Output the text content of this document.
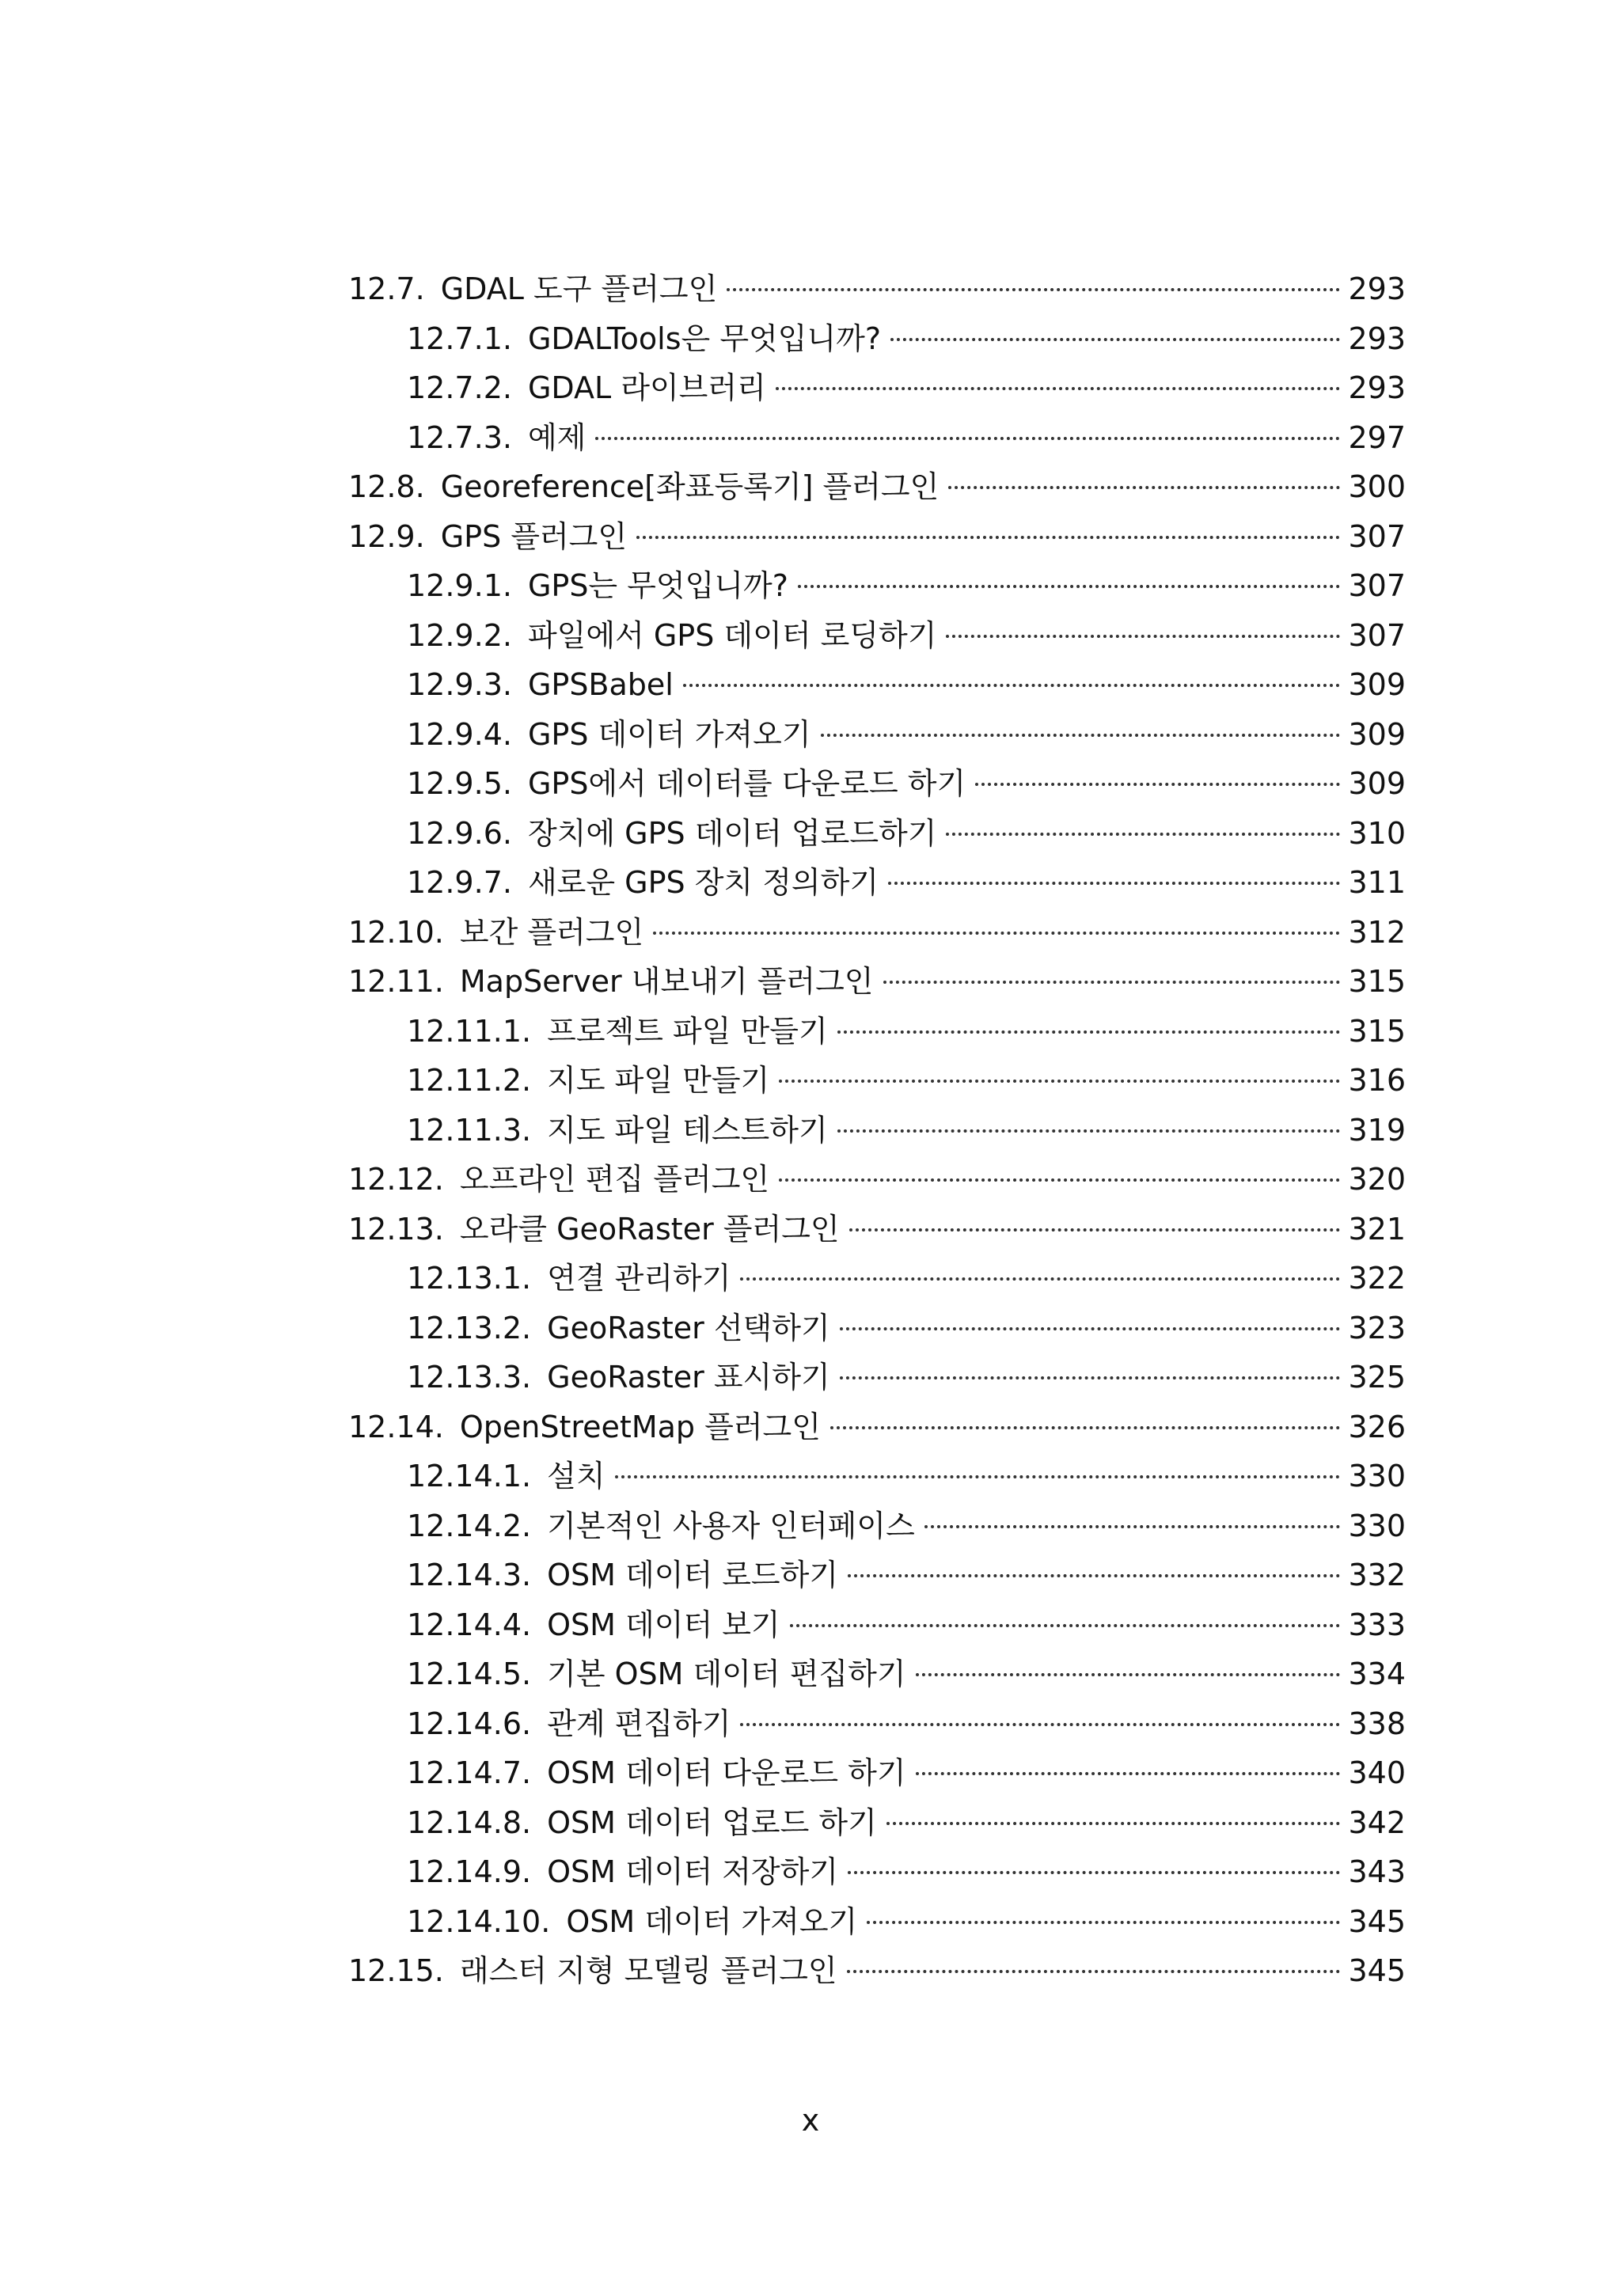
12.7. GDAL 도구 플러그인	293
12.7.1. GDALTools은 무엇입니까?	293
12.7.2. GDAL 라이브러리	293
12.7.3. 예제	297
12.8. Georeference[좌표등록기] 플러그인	300
12.9. GPS 플러그인	307
12.9.1. GPS는 무엇입니까?	307
12.9.2. 파일에서 GPS 데이터 로딩하기	307
12.9.3. GPSBabel	309
12.9.4. GPS 데이터 가져오기	309
12.9.5. GPS에서 데이터를 다운로드 하기	309
12.9.6. 장치에 GPS 데이터 업로드하기	310
12.9.7. 새로운 GPS 장치 정의하기	311
12.10. 보간 플러그인	312
12.11. MapServer 내보내기 플러그인	315
12.11.1. 프로젝트 파일 만들기	315
12.11.2. 지도 파일 만들기	316
12.11.3. 지도 파일 테스트하기	319
12.12. 오프라인 편집 플러그인	320
12.13. 오라클 GeoRaster 플러그인	321
12.13.1. 연결 관리하기	322
12.13.2. GeoRaster 선택하기	323
12.13.3. GeoRaster 표시하기	325
12.14. OpenStreetMap 플러그인	326
12.14.1. 설치	330
12.14.2. 기본적인 사용자 인터페이스	330
12.14.3. OSM 데이터 로드하기	332
12.14.4. OSM 데이터 보기	333
12.14.5. 기본 OSM 데이터 편집하기	334
12.14.6. 관계 편집하기	338
12.14.7. OSM 데이터 다운로드 하기	340
12.14.8. OSM 데이터 업로드 하기	342
12.14.9. OSM 데이터 저장하기	343
12.14.10. OSM 데이터 가져오기	345
12.15. 래스터 지형 모델링 플러그인	345
x
